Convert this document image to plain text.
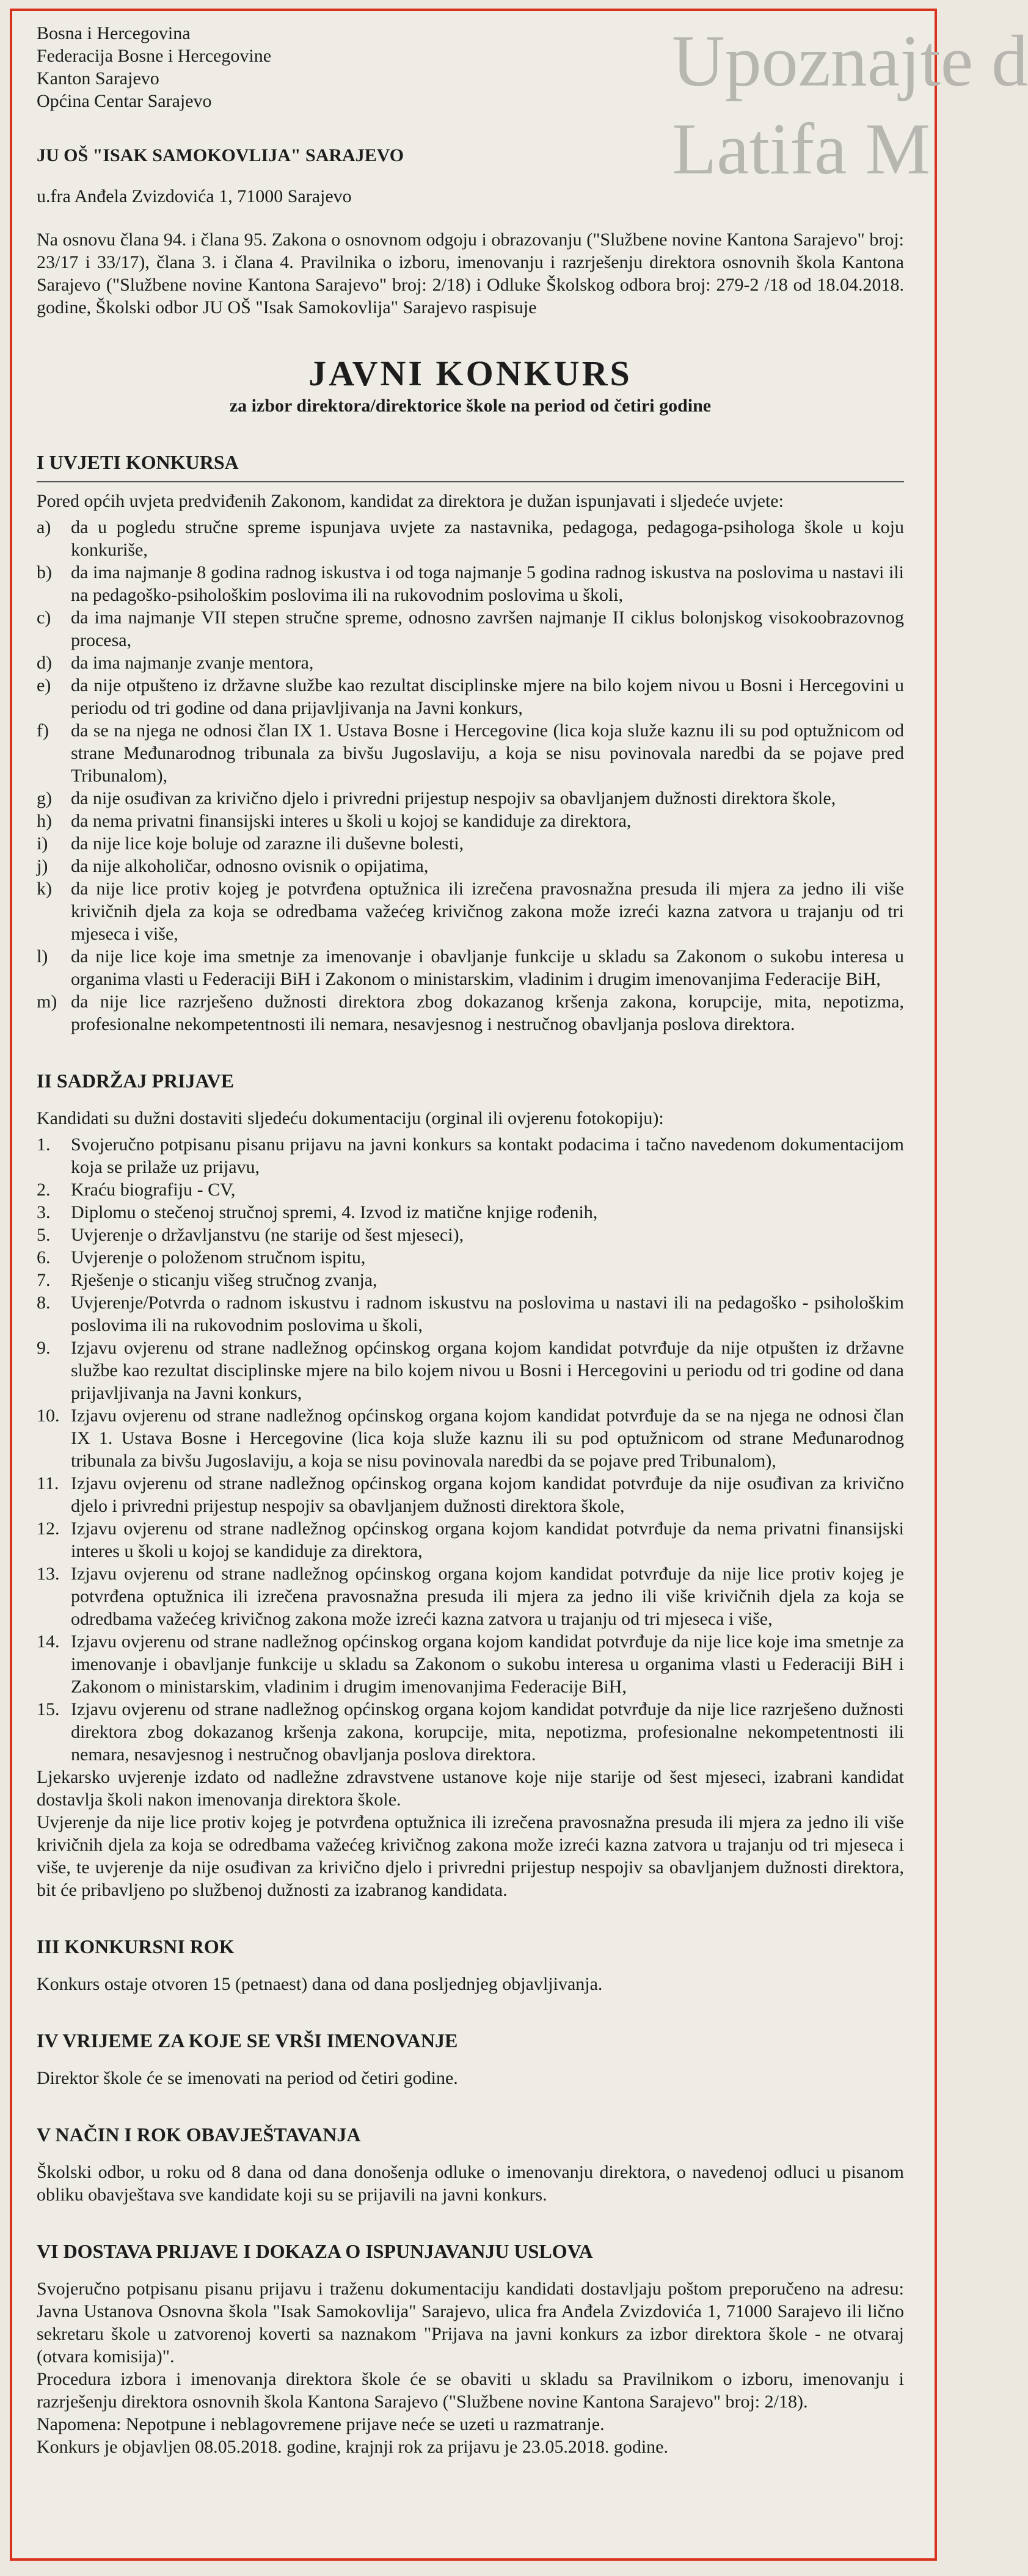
Upoznajte d
Latifa M

Bosna i Hercegovina

Federacija Bosne i Hercegovine

Kanton Sarajevo

Općina Centar Sarajevo

JU OŠ "ISAK SAMOKOVLIJA" SARAJEVO

u.fra Anđela Zvizdovića 1, 71000 Sarajevo

Na osnovu člana 94. i člana 95. Zakona o osnovnom odgoju i obrazovanju ("Službene novine Kantona Sarajevo" broj: 23/17 i 33/17), člana 3. i člana 4. Pravilnika o izboru, imenovanju i razrješenju direktora osnovnih škola Kantona Sarajevo ("Službene novine Kantona Sarajevo" broj: 2/18) i Odluke Školskog odbora broj: 279-2 /18 od 18.04.2018. godine, Školski odbor JU OŠ "Isak Samokovlija" Sarajevo raspisuje

JAVNI KONKURS
za izbor direktora/direktorice škole na period od četiri godine
I UVJETI KONKURSA

Pored općih uvjeta predviđenih Zakonom, kandidat za direktora je dužan ispunjavati i sljedeće uvjete:

a)	da u pogledu stručne spreme ispunjava uvjete za nastavnika, pedagoga, pedagoga-psihologa škole u koju konkuriše,
b)	da ima najmanje 8 godina radnog iskustva i od toga najmanje 5 godina radnog iskustva na poslovima u nastavi ili na pedagoško-psihološkim poslovima ili na rukovodnim poslovima u školi,
c)	da ima najmanje VII stepen stručne spreme, odnosno završen najmanje II ciklus bolonjskog visokoobrazovnog procesa,
d)	da ima najmanje zvanje mentora,
e)	da nije otpušteno iz državne službe kao rezultat disciplinske mjere na bilo kojem nivou u Bosni i Hercegovini u periodu od tri godine od dana prijavljivanja na Javni konkurs,
f)	da se na njega ne odnosi član IX 1. Ustava Bosne i Hercegovine (lica koja služe kaznu ili su pod optužnicom od strane Međunarodnog tribunala za bivšu Jugoslaviju, a koja se nisu povinovala naredbi da se pojave pred Tribunalom),
g)	da nije osuđivan za krivično djelo i privredni prijestup nespojiv sa obavljanjem dužnosti direktora škole,
h)	da nema privatni finansijski interes u školi u kojoj se kandiduje za direktora,
i)	da nije lice koje boluje od zarazne ili duševne bolesti,
j)	da nije alkoholičar, odnosno ovisnik o opijatima,
k)	da nije lice protiv kojeg je potvrđena optužnica ili izrečena pravosnažna presuda ili mjera za jedno ili više krivičnih djela za koja se odredbama važećeg krivičnog zakona može izreći kazna zatvora u trajanju od tri mjeseca i više,
l)	da nije lice koje ima smetnje za imenovanje i obavljanje funkcije u skladu sa Zakonom o sukobu interesa u organima vlasti u Federaciji BiH i Zakonom o ministarskim, vladinim i drugim imenovanjima Federacije BiH,
m) da nije lice razrješeno dužnosti direktora zbog dokazanog kršenja zakona, korupcije, mita, nepotizma, profesionalne nekompetentnosti ili nemara, nesavjesnog i nestručnog obavljanja poslova direktora.
II SADRŽAJ PRIJAVE

Kandidati su dužni dostaviti sljedeću dokumentaciju (orginal ili ovjerenu fotokopiju):

1.	Svojeručno potpisanu pisanu prijavu na javni konkurs sa kontakt podacima i tačno navedenom dokumentacijom koja se prilaže uz prijavu,
2.	Kraću biografiju - CV,
3.	Diplomu o stečenoj stručnoj spremi, 4. Izvod iz matične knjige rođenih,
5.	Uvjerenje o državljanstvu (ne starije od šest mjeseci),
6.	Uvjerenje o položenom stručnom ispitu,
7.	Rješenje o sticanju višeg stručnog zvanja,
8.	Uvjerenje/Potvrda o radnom iskustvu i radnom iskustvu na poslovima u nastavi ili na pedagoško - psihološkim poslovima ili na rukovodnim poslovima u školi,
9.	Izjavu ovjerenu od strane nadležnog općinskog organa kojom kandidat potvrđuje da nije otpušten iz državne službe kao rezultat disciplinske mjere na bilo kojem nivou u Bosni i Hercegovini u periodu od tri godine od dana prijavljivanja na Javni konkurs,
10. Izjavu ovjerenu od strane nadležnog općinskog organa kojom kandidat potvrđuje da se na njega ne odnosi član IX 1. Ustava Bosne i Hercegovine (lica koja služe kaznu ili su pod optužnicom od strane Međunarodnog tribunala za bivšu Jugoslaviju, a koja se nisu povinovala naredbi da se pojave pred Tribunalom),
11. Izjavu ovjerenu od strane nadležnog općinskog organa kojom kandidat potvrđuje da nije osuđivan za krivično djelo i privredni prijestup nespojiv sa obavljanjem dužnosti direktora škole,
12. Izjavu ovjerenu od strane nadležnog općinskog organa kojom kandidat potvrđuje da nema privatni finansijski interes u školi u kojoj se kandiduje za direktora,
13. Izjavu ovjerenu od strane nadležnog općinskog organa kojom kandidat potvrđuje da nije lice protiv kojeg je potvrđena optužnica ili izrečena pravosnažna presuda ili mjera za jedno ili više krivičnih djela za koja se odredbama važećeg krivičnog zakona može izreći kazna zatvora u trajanju od tri mjeseca i više,
14. Izjavu ovjerenu od strane nadležnog općinskog organa kojom kandidat potvrđuje da nije lice koje ima smetnje za imenovanje i obavljanje funkcije u skladu sa Zakonom o sukobu interesa u organima vlasti u Federaciji BiH i Zakonom o ministarskim, vladinim i drugim imenovanjima Federacije BiH,
15. Izjavu ovjerenu od strane nadležnog općinskog organa kojom kandidat potvrđuje da nije lice razrješeno dužnosti direktora zbog dokazanog kršenja zakona, korupcije, mita, nepotizma, profesionalne nekompetentnosti ili nemara, nesavjesnog i nestručnog obavljanja poslova direktora.

Ljekarsko uvjerenje izdato od nadležne zdravstvene ustanove koje nije starije od šest mjeseci, izabrani kandidat dostavlja školi nakon imenovanja direktora škole.

Uvjerenje da nije lice protiv kojeg je potvrđena optužnica ili izrečena pravosnažna presuda ili mjera za jedno ili više krivičnih djela za koja se odredbama važećeg krivičnog zakona može izreći kazna zatvora u trajanju od tri mjeseca i više, te uvjerenje da nije osuđivan za krivično djelo i privredni prijestup nespojiv sa obavljanjem dužnosti direktora, bit će pribavljeno po službenoj dužnosti za izabranog kandidata.

III KONKURSNI ROK

Konkurs ostaje otvoren 15 (petnaest) dana od dana posljednjeg objavljivanja.

IV VRIJEME ZA KOJE SE VRŠI IMENOVANJE

Direktor škole će se imenovati na period od četiri godine.

V NAČIN I ROK OBAVJEŠTAVANJA

Školski odbor, u roku od 8 dana od dana donošenja odluke o imenovanju direktora, o navedenoj odluci u pisanom obliku obavještava sve kandidate koji su se prijavili na javni konkurs.

VI DOSTAVA PRIJAVE I DOKAZA O ISPUNJAVANJU USLOVA

Svojeručno potpisanu pisanu prijavu i traženu dokumentaciju kandidati dostavljaju poštom preporučeno na adresu: Javna Ustanova Osnovna škola "Isak Samokovlija" Sarajevo, ulica fra Anđela Zvizdovića 1, 71000 Sarajevo ili lično sekretaru škole u zatvorenoj koverti sa naznakom "Prijava na javni konkurs za izbor direktora škole - ne otvaraj (otvara komisija)".

Procedura izbora i imenovanja direktora škole će se obaviti u skladu sa Pravilnikom o izboru, imenovanju i razrješenju direktora osnovnih škola Kantona Sarajevo ("Službene novine Kantona Sarajevo" broj: 2/18).

Napomena: Nepotpune i neblagovremene prijave neće se uzeti u razmatranje.

Konkurs je objavljen 08.05.2018. godine, krajnji rok za prijavu je 23.05.2018. godine.
